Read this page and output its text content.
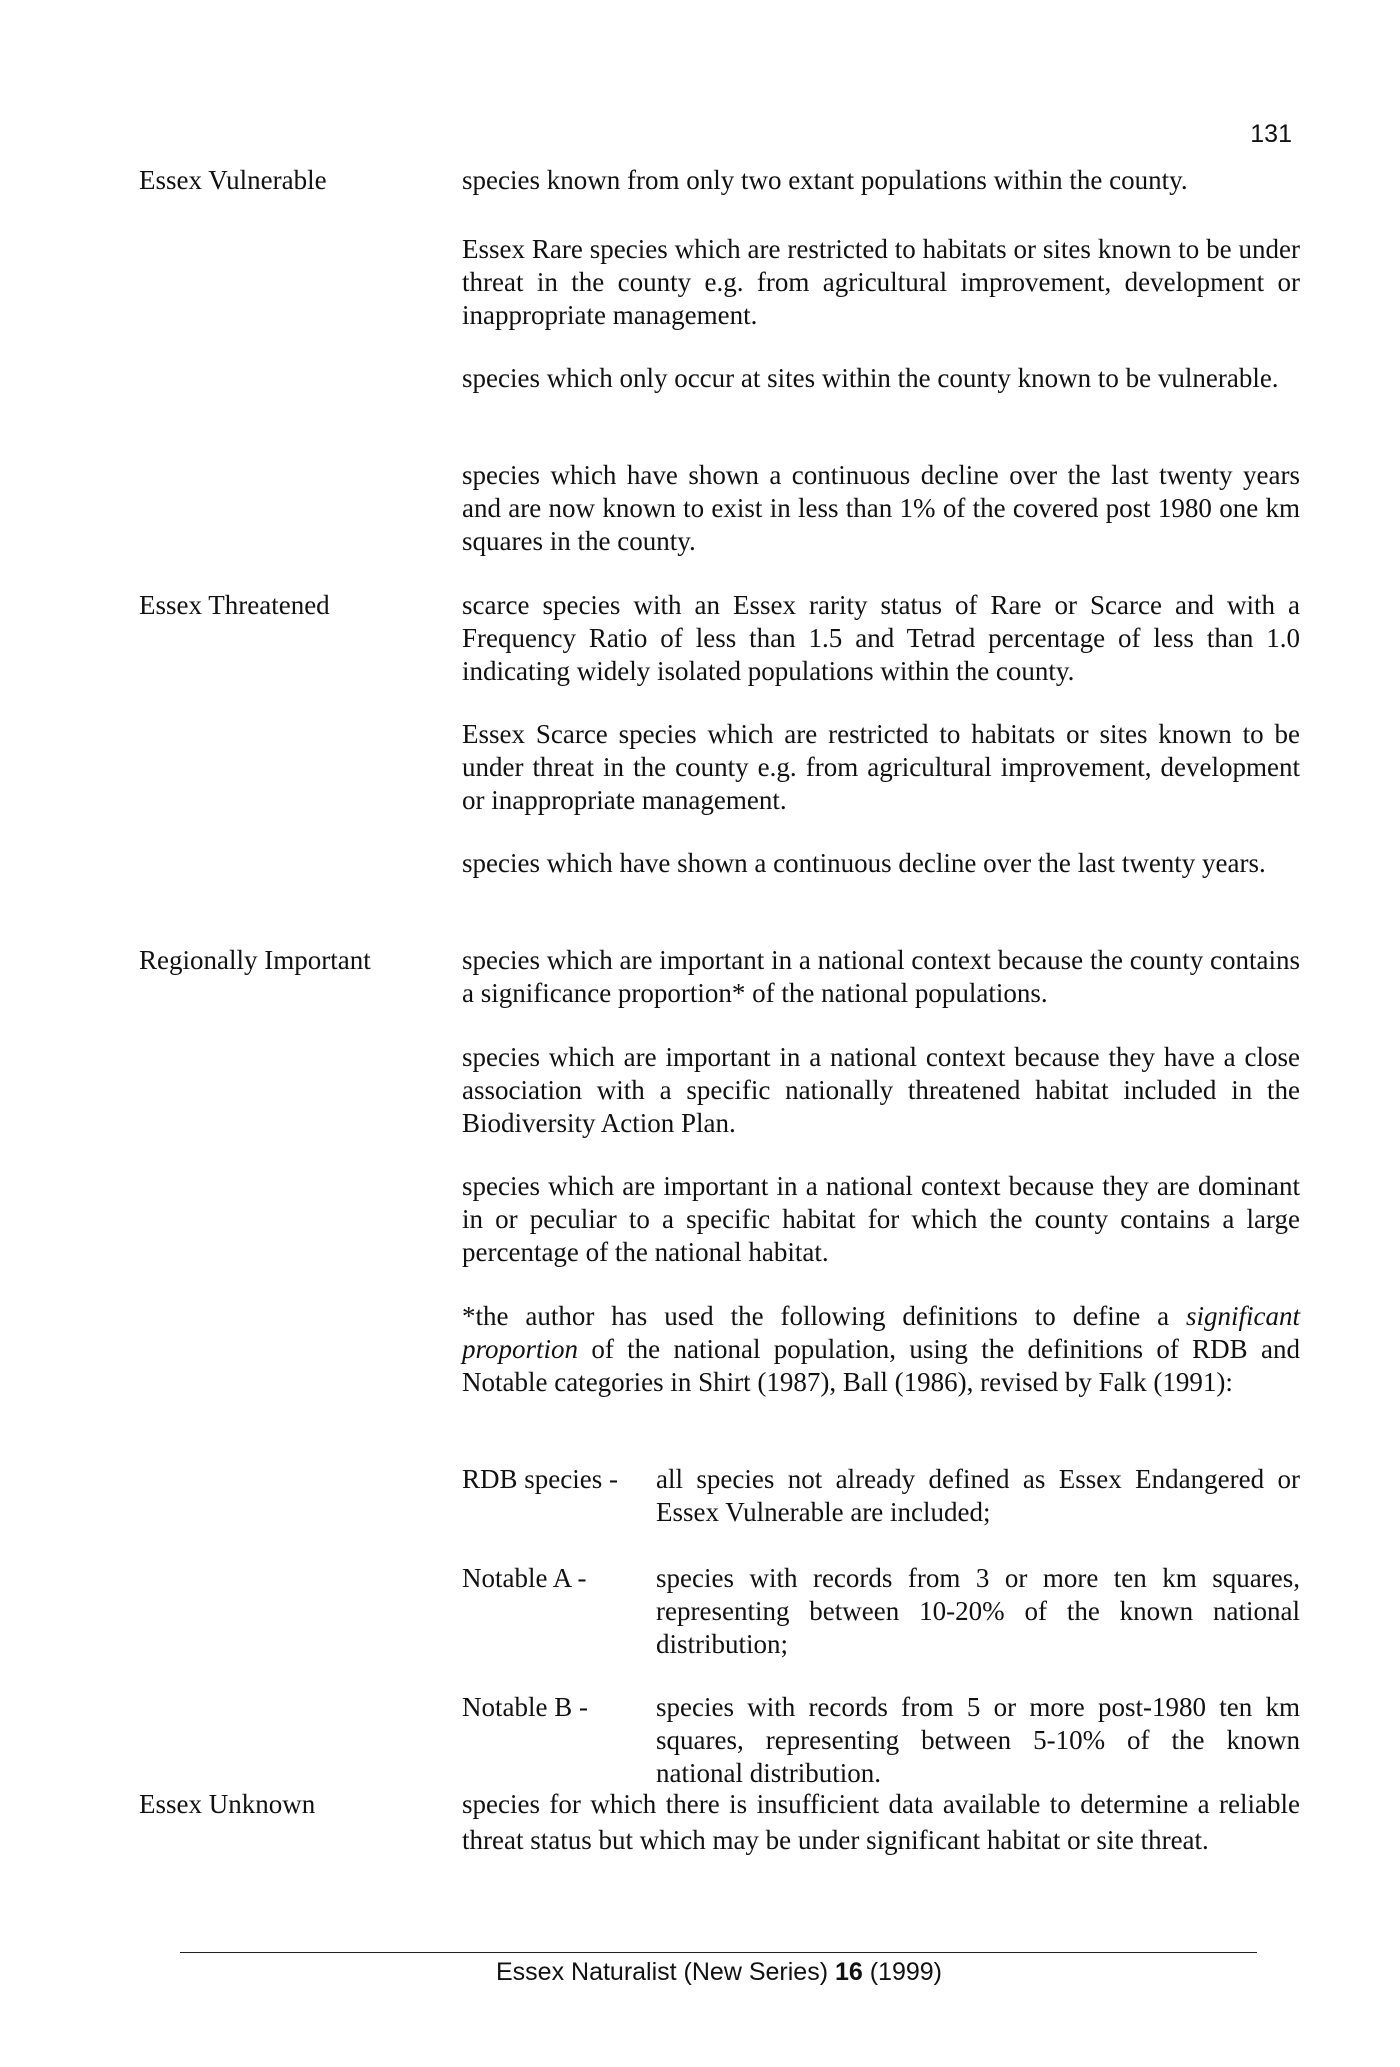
131
Essex Vulnerable	species known from only two extant populations within the county.
Essex Rare species which are restricted to habitats or sites known to be under threat in the county e.g. from agricultural improvement, development or inappropriate management.
species which only occur at sites within the county known to be vulnerable.
species which have shown a continuous decline over the last twenty years and are now known to exist in less than 1% of the covered post 1980 one km squares in the county.
Essex Threatened	scarce species with an Essex rarity status of Rare or Scarce and with a Frequency Ratio of less than 1.5 and Tetrad percentage of less than 1.0 indicating widely isolated populations within the county.
Essex Scarce species which are restricted to habitats or sites known to be under threat in the county e.g. from agricultural improvement, development or inappropriate management.
species which have shown a continuous decline over the last twenty years.
Regionally Important	species which are important in a national context because the county contains a significance proportion* of the national populations.
species which are important in a national context because they have a close association with a specific nationally threatened habitat included in the Biodiversity Action Plan.
species which are important in a national context because they are dominant in or peculiar to a specific habitat for which the county contains a large percentage of the national habitat.
*the author has used the following definitions to define a significant proportion of the national population, using the definitions of RDB and Notable categories in Shirt (1987), Ball (1986), revised by Falk (1991):
RDB species - all species not already defined as Essex Endangered or Essex Vulnerable are included;
Notable A -	species with records from 3 or more ten km squares, representing between 10-20% of the known national distribution;
Notable B -	species with records from 5 or more post-1980 ten km squares, representing between 5-10% of the known national distribution.
Essex Unknown	species for which there is insufficient data available to determine a reliable threat status but which may be under significant habitat or site threat.
Essex Naturalist (New Series) 16 (1999)
